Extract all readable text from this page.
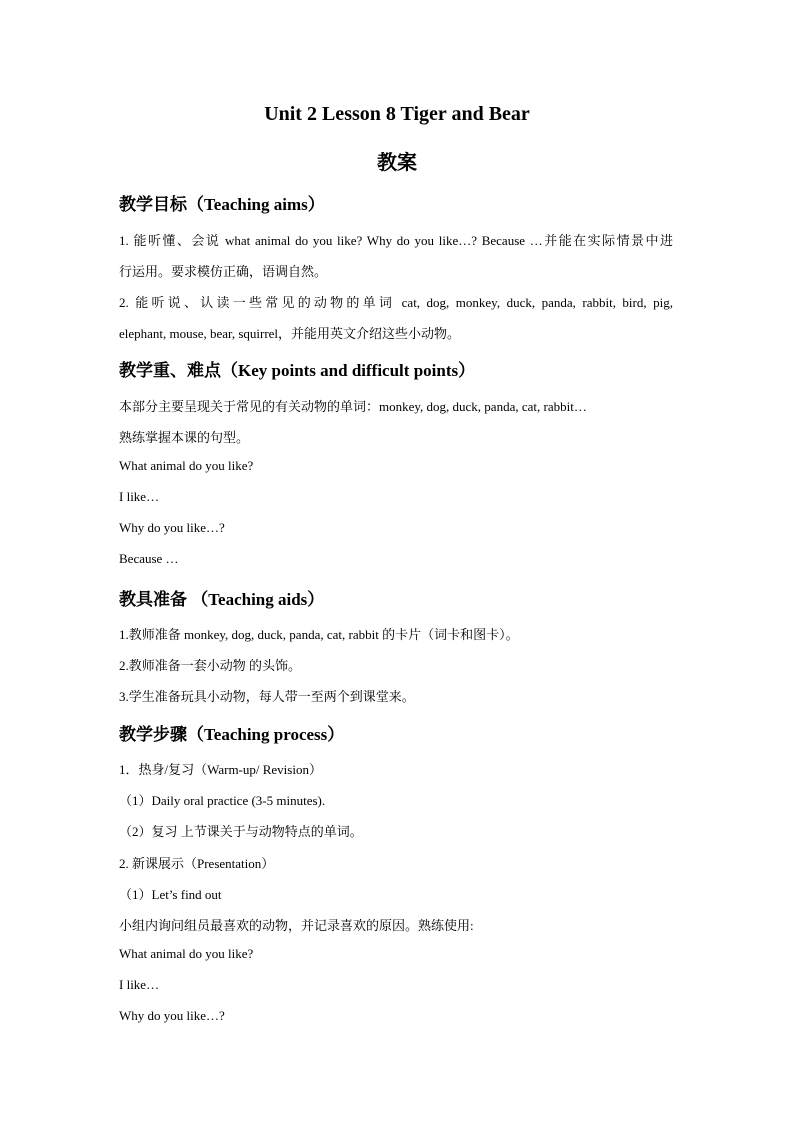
Unit 2 Lesson 8 Tiger and Bear
教案
教学目标（Teaching aims）
1. 能听懂、会说 what animal do you like? Why do you like…? Because …并能在实际情景中进
行运用。要求模仿正确，语调自然。
2. 能听说、认读一些常见的动物的单词 cat, dog, monkey, duck, panda, rabbit, bird, pig,
elephant, mouse, bear, squirrel，并能用英文介绍这些小动物。
教学重、难点（Key points and difficult points）
本部分主要呈现关于常见的有关动物的单词：monkey, dog, duck, panda, cat, rabbit…
熟练掌握本课的句型。
What animal do you like?
I like…
Why do you like…?
Because …
教具准备 （Teaching aids）
1.教师准备 monkey, dog, duck, panda, cat, rabbit 的卡片（词卡和图卡）。
2.教师准备一套小动物 的头饰。
3.学生准备玩具小动物，每人带一至两个到课堂来。
教学步骤（Teaching process）
1．热身/复习（Warm-up/ Revision）
（1）Daily oral practice (3-5 minutes).
（2）复习 上节课关于与动物特点的单词。
2. 新课展示（Presentation）
（1）Let’s find out
小组内询问组员最喜欢的动物，并记录喜欢的原因。熟练使用:
What animal do you like?
I like…
Why do you like…?
